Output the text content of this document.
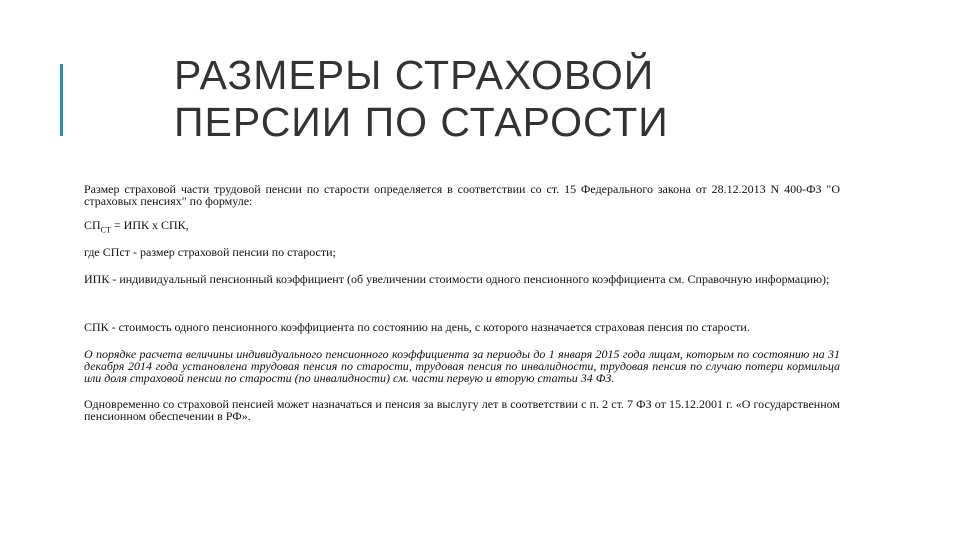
РАЗМЕРЫ СТРАХОВОЙ
ПЕРСИИ ПО СТАРОСТИ

Размер страховой части трудовой пенсии по старости определяется в соответствии со ст. 15 Федерального закона от 28.12.2013 N 400-ФЗ "О страховых пенсиях" по формуле:

$СП_{СТ}$ = ИПК х СПК,

где СПст - размер страховой пенсии по старости;

ИПК - индивидуальный пенсионный коэффициент (об увеличении стоимости одного пенсионного коэффициента см. Справочную информацию);

СПК - стоимость одного пенсионного коэффициента по состоянию на день, с которого назначается страховая пенсия по старости.

О порядке расчета величины индивидуального пенсионного коэффициента за периоды до 1 января 2015 года лицам, которым по состоянию на 31 декабря 2014 года установлена трудовая пенсия по старости, трудовая пенсия по инвалидности, трудовая пенсия по случаю потери кормильца или доля страховой пенсии по старости (по инвалидности) см. части первую и вторую статьи 34 ФЗ.

Одновременно со страховой пенсией может назначаться и пенсия за выслугу лет в соответствии с п. 2 ст. 7 ФЗ от 15.12.2001 г. «О государственном пенсионном обеспечении в РФ».
